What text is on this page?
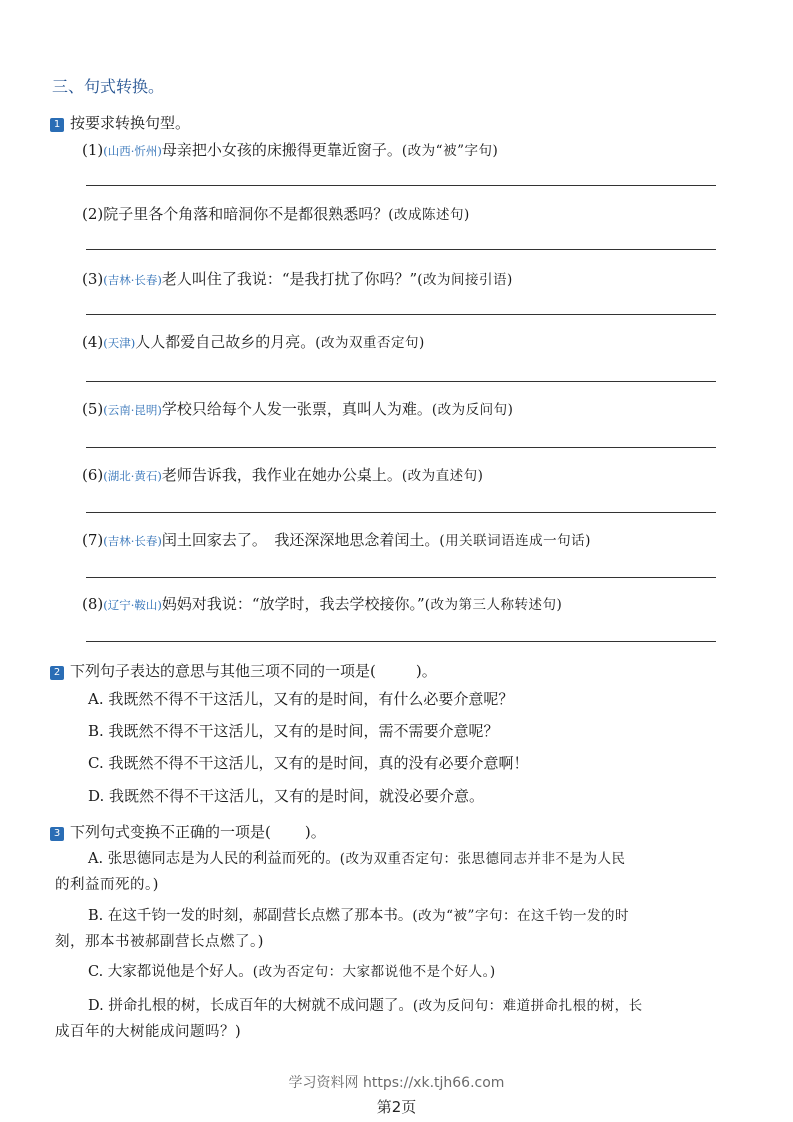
三、句式转换。
1 按要求转换句型。
(1)(山西·忻州)母亲把小女孩的床搬得更靠近窗子。(改为“被”字句)
(2)院子里各个角落和暗洞你不是都很熟悉吗？(改成陈述句)
(3)(吉林·长春)老人叫住了我说：“是我打扰了你吗？”(改为间接引语)
(4)(天津)人人都爱自己故乡的月亮。(改为双重否定句)
(5)(云南·昆明)学校只给每个人发一张票，真叫人为难。(改为反问句)
(6)(湖北·黄石)老师告诉我，我作业在她办公桌上。(改为直述句)
(7)(吉林·长春)闰土回家去了。　我还深深地思念着闰土。(用关联词语连成一句话)
(8)(辽宁·鞍山)妈妈对我说：“放学时，我去学校接你。”(改为第三人称转述句)
2 下列句子表达的意思与其他三项不同的一项是(	)。
A. 我既然不得不干这活儿，又有的是时间，有什么必要介意呢？
B. 我既然不得不干这活儿，又有的是时间，需不需要介意呢？
C. 我既然不得不干这活儿，又有的是时间，真的没有必要介意啊！
D. 我既然不得不干这活儿，又有的是时间，就没必要介意。
3 下列句式变换不正确的一项是( )。
A. 张思德同志是为人民的利益而死的。(改为双重否定句：张思德同志并非不是为人民
的利益而死的。)
B. 在这千钧一发的时刻，郝副营长点燃了那本书。(改为“被”字句：在这千钧一发的时
刻，那本书被郝副营长点燃了。)
C. 大家都说他是个好人。(改为否定句：大家都说他不是个好人。)
D. 拼命扎根的树，长成百年的大树就不成问题了。(改为反问句：难道拼命扎根的树，长
成百年的大树能成问题吗？)
学习资料网 https://xk.tjh66.com
第2页
